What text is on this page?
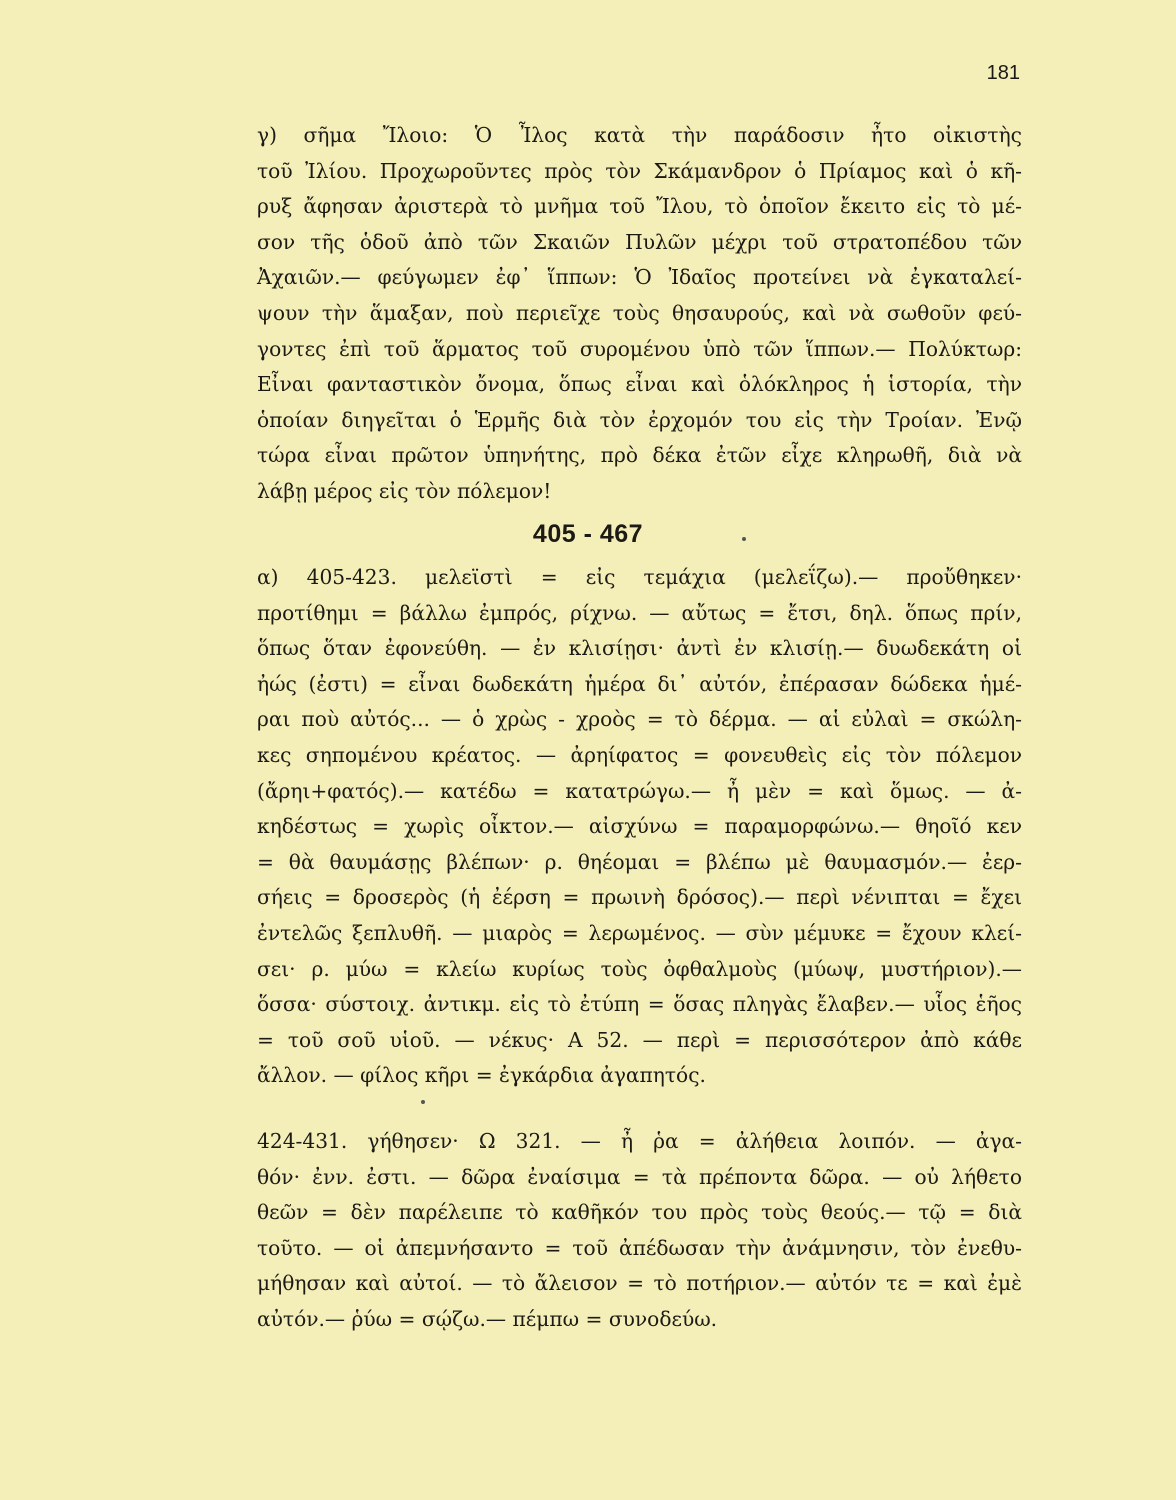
181
γ) σῆμα Ἴλοιο: Ὁ Ἶλος κατὰ τὴν παράδοσιν ἦτο οἰκιστὴς
τοῦ Ἰλίου. Προχωροῦντες πρὸς τὸν Σκάμανδρον ὁ Πρίαμος καὶ ὁ κῆ-
ρυξ ἄφησαν ἀριστερὰ τὸ μνῆμα τοῦ Ἴλου, τὸ ὁποῖον ἔκειτο εἰς τὸ μέ-
σον τῆς ὁδοῦ ἀπὸ τῶν Σκαιῶν Πυλῶν μέχρι τοῦ στρατοπέδου τῶν
Ἀχαιῶν.— φεύγωμεν ἐφ᾽ ἵππων: Ὁ Ἰδαῖος προτείνει νὰ ἐγκαταλεί-
ψουν τὴν ἅμαξαν, ποὺ περιεῖχε τοὺς θησαυρούς, καὶ νὰ σωθοῦν φεύ-
γοντες ἐπὶ τοῦ ἅρματος τοῦ συρομένου ὑπὸ τῶν ἵππων.— Πολύκτωρ:
Εἶναι φανταστικὸν ὄνομα, ὅπως εἶναι καὶ ὁλόκληρος ἡ ἱστορία, τὴν
ὁποίαν διηγεῖται ὁ Ἑρμῆς διὰ τὸν ἐρχομόν του εἰς τὴν Τροίαν. Ἐνῷ
τώρα εἶναι πρῶτον ὑπηνήτης, πρὸ δέκα ἐτῶν εἶχε κληρωθῆ, διὰ νὰ
λάβῃ μέρος εἰς τὸν πόλεμον!
405 - 467
α) 405-423. μελεϊστὶ = εἰς τεμάχια (μελεΐζω).— προὔθηκεν·
προτίθημι = βάλλω ἐμπρός, ρίχνω. — αὔτως = ἔτσι, δηλ. ὅπως πρίν,
ὅπως ὅταν ἐφονεύθη. — ἐν κλισίῃσι· ἀντὶ ἐν κλισίῃ.— δυωδεκάτη οἱ
ἠώς (ἐστι) = εἶναι δωδεκάτη ἡμέρα δι᾽ αὐτόν, ἐπέρασαν δώδεκα ἡμέ-
ραι ποὺ αὐτός... — ὁ χρὼς - χροὸς = τὸ δέρμα. — αἱ εὐλαὶ = σκώλη-
κες σηπομένου κρέατος. — ἀρηίφατος = φονευθεὶς εἰς τὸν πόλεμον
(ἄρηι+φατός).— κατέδω = κατατρώγω.— ἦ μὲν = καὶ ὅμως. — ἀ-
κηδέστως = χωρὶς οἶκτον.— αἰσχύνω = παραμορφώνω.— θηοῖό κεν
= θὰ θαυμάσῃς βλέπων· ρ. θηέομαι = βλέπω μὲ θαυμασμόν.— ἐερ-
σήεις = δροσερὸς (ἡ ἐέρση = πρωινὴ δρόσος).— περὶ νένιπται = ἔχει
ἐντελῶς ξεπλυθῆ. — μιαρὸς = λερωμένος. — σὺν μέμυκε = ἔχουν κλεί-
σει· ρ. μύω = κλείω κυρίως τοὺς ὀφθαλμοὺς (μύωψ, μυστήριον).—
ὅσσα· σύστοιχ. ἀντικμ. εἰς τὸ ἐτύπη = ὅσας πληγὰς ἔλαβεν.— υἷος ἑῆος
= τοῦ σοῦ υἱοῦ. — νέκυς· Α 52. — περὶ = περισσότερον ἀπὸ κάθε
ἄλλον. — φίλος κῆρι = ἐγκάρδια ἀγαπητός.
424-431. γήθησεν· Ω 321. — ἦ ῥα = ἀλήθεια λοιπόν. — ἀγα-
θόν· ἐνν. ἐστι. — δῶρα ἐναίσιμα = τὰ πρέποντα δῶρα. — οὐ λήθετο
θεῶν = δὲν παρέλειπε τὸ καθῆκόν του πρὸς τοὺς θεούς.— τῷ = διὰ
τοῦτο. — οἱ ἀπεμνήσαντο = τοῦ ἀπέδωσαν τὴν ἀνάμνησιν, τὸν ἐνεθυ-
μήθησαν καὶ αὐτοί. — τὸ ἄλεισον = τὸ ποτήριον.— αὐτόν τε = καὶ ἐμὲ
αὐτόν.— ῥύω = σῴζω.— πέμπω = συνοδεύω.
